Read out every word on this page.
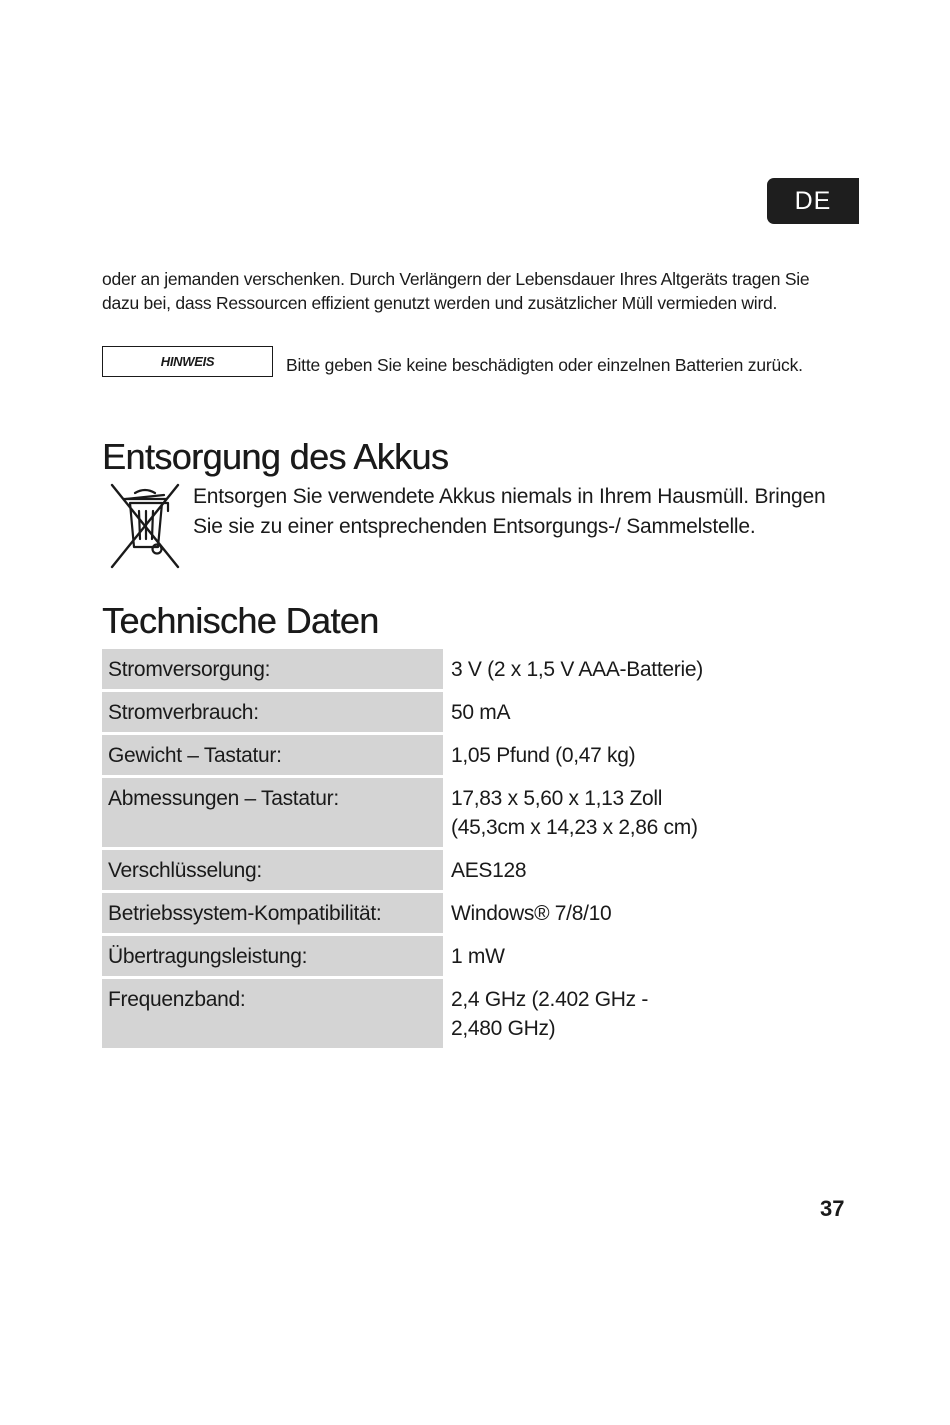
DE

oder an jemanden verschenken. Durch Verlängern der Lebensdauer Ihres Altgeräts tragen Sie dazu bei, dass Ressourcen effizient genutzt werden und zusätzlicher Müll vermieden wird.

HINWEIS	Bitte geben Sie keine beschädigten oder einzelnen Batterien zurück.

Entsorgung des Akkus

Entsorgen Sie verwendete Akkus niemals in Ihrem Hausmüll. Bringen Sie sie zu einer entsprechenden Entsorgungs-/ Sammelstelle.

Technische Daten
Stromversorgung:	3 V (2 x 1,5 V AAA-Batterie)
Stromverbrauch:	50 mA
Gewicht – Tastatur:	1,05 Pfund (0,47 kg)
Abmessungen – Tastatur:	17,83 x 5,60 x 1,13 Zoll
(45,3cm x 14,23 x 2,86 cm)
Verschlüsselung:	AES128
Betriebssystem-Kompatibilität:	Windows® 7/8/10
Übertragungsleistung:	1 mW
Frequenzband:	2,4 GHz (2.402 GHz -
2,480 GHz)
37
